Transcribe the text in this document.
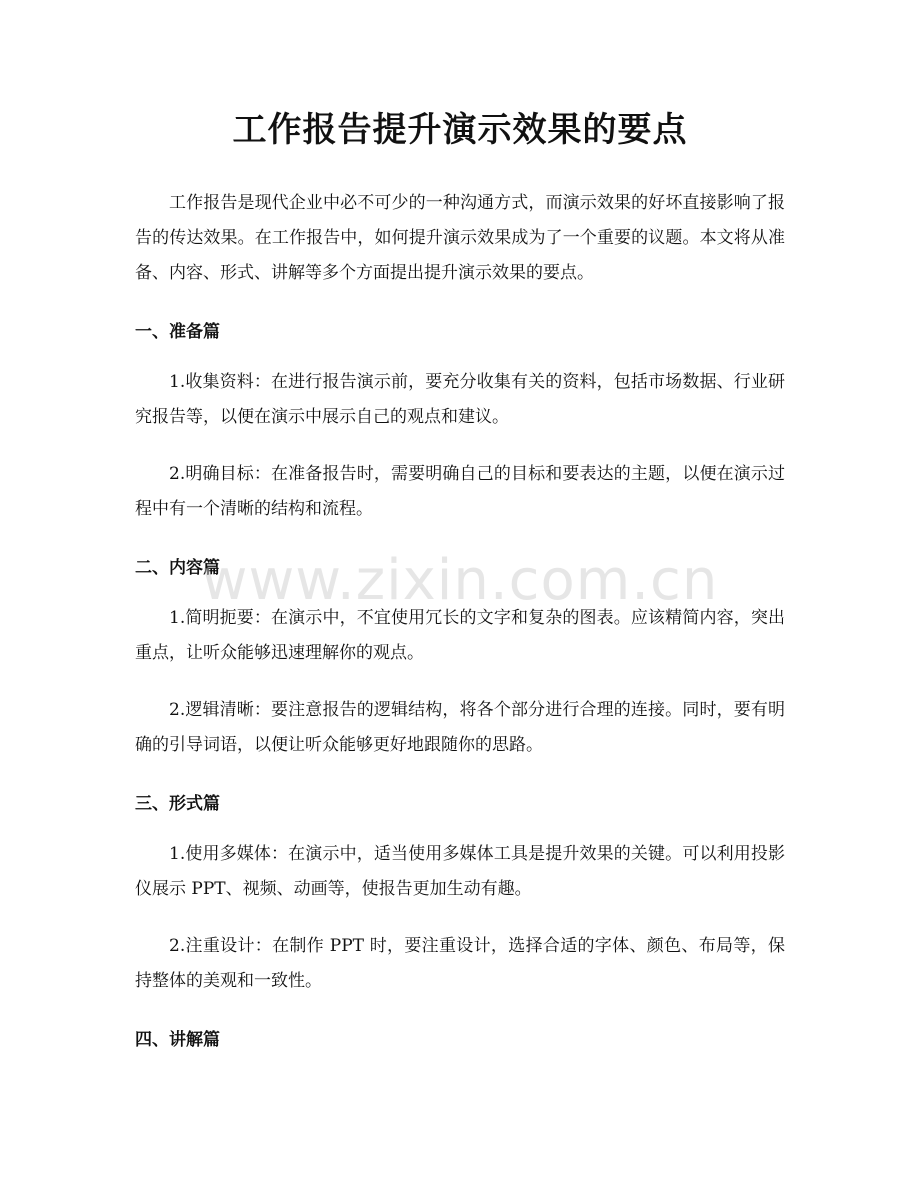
工作报告提升演示效果的要点

工作报告是现代企业中必不可少的一种沟通方式，而演示效果的好坏直接影响了报告的传达效果。在工作报告中，如何提升演示效果成为了一个重要的议题。本文将从准备、内容、形式、讲解等多个方面提出提升演示效果的要点。

一、准备篇

1.收集资料：在进行报告演示前，要充分收集有关的资料，包括市场数据、行业研究报告等，以便在演示中展示自己的观点和建议。

2.明确目标：在准备报告时，需要明确自己的目标和要表达的主题，以便在演示过程中有一个清晰的结构和流程。

二、内容篇

1.简明扼要：在演示中，不宜使用冗长的文字和复杂的图表。应该精简内容，突出重点，让听众能够迅速理解你的观点。

2.逻辑清晰：要注意报告的逻辑结构，将各个部分进行合理的连接。同时，要有明确的引导词语，以便让听众能够更好地跟随你的思路。

三、形式篇

1.使用多媒体：在演示中，适当使用多媒体工具是提升效果的关键。可以利用投影仪展示 PPT、视频、动画等，使报告更加生动有趣。

2.注重设计：在制作 PPT 时，要注重设计，选择合适的字体、颜色、布局等，保持整体的美观和一致性。

四、讲解篇
www.zixin.com.cn
